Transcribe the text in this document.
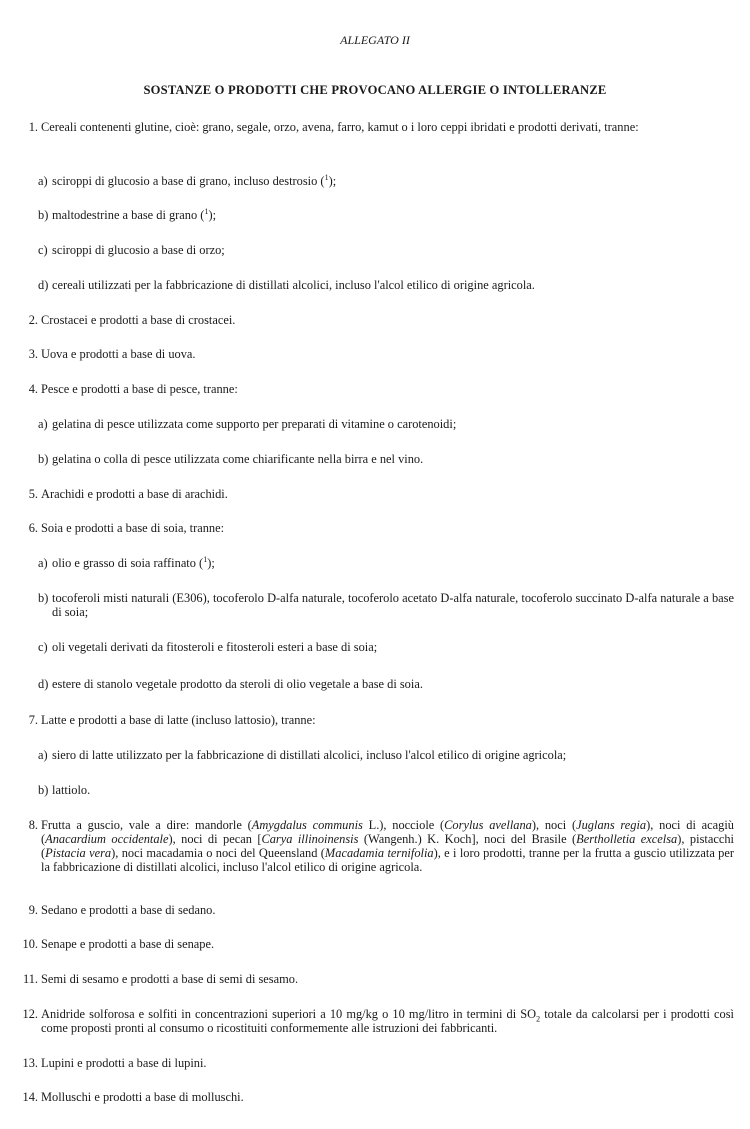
ALLEGATO II
SOSTANZE O PRODOTTI CHE PROVOCANO ALLERGIE O INTOLLERANZE
1. Cereali contenenti glutine, cioè: grano, segale, orzo, avena, farro, kamut o i loro ceppi ibridati e prodotti derivati, tranne:
a) sciroppi di glucosio a base di grano, incluso destrosio ($^1$);
b) maltodestrine a base di grano ($^1$);
c) sciroppi di glucosio a base di orzo;
d) cereali utilizzati per la fabbricazione di distillati alcolici, incluso l'alcol etilico di origine agricola.
2. Crostacei e prodotti a base di crostacei.
3. Uova e prodotti a base di uova.
4. Pesce e prodotti a base di pesce, tranne:
a) gelatina di pesce utilizzata come supporto per preparati di vitamine o carotenoidi;
b) gelatina o colla di pesce utilizzata come chiarificante nella birra e nel vino.
5. Arachidi e prodotti a base di arachidi.
6. Soia e prodotti a base di soia, tranne:
a) olio e grasso di soia raffinato ($^1$);
b) tocoferoli misti naturali (E306), tocoferolo D-alfa naturale, tocoferolo acetato D-alfa naturale, tocoferolo succinato D-alfa naturale a base di soia;
c) oli vegetali derivati da fitosteroli e fitosteroli esteri a base di soia;
d) estere di stanolo vegetale prodotto da steroli di olio vegetale a base di soia.
7. Latte e prodotti a base di latte (incluso lattosio), tranne:
a) siero di latte utilizzato per la fabbricazione di distillati alcolici, incluso l'alcol etilico di origine agricola;
b) lattiolo.
8. Frutta a guscio, vale a dire: mandorle (Amygdalus communis L.), nocciole (Corylus avellana), noci (Juglans regia), noci di acagiù (Anacardium occidentale), noci di pecan [Carya illinoinensis (Wangenh.) K. Koch], noci del Brasile (Bertholletia excelsa), pistacchi (Pistacia vera), noci macadamia o noci del Queensland (Macadamia ternifolia), e i loro prodotti, tranne per la frutta a guscio utilizzata per la fabbricazione di distillati alcolici, incluso l'alcol etilico di origine agricola.
9. Sedano e prodotti a base di sedano.
10. Senape e prodotti a base di senape.
11. Semi di sesamo e prodotti a base di semi di sesamo.
12. Anidride solforosa e solfiti in concentrazioni superiori a 10 mg/kg o 10 mg/litro in termini di $SO_2$ totale da calcolarsi per i prodotti così come proposti pronti al consumo o ricostituiti conformemente alle istruzioni dei fabbricanti.
13. Lupini e prodotti a base di lupini.
14. Molluschi e prodotti a base di molluschi.
